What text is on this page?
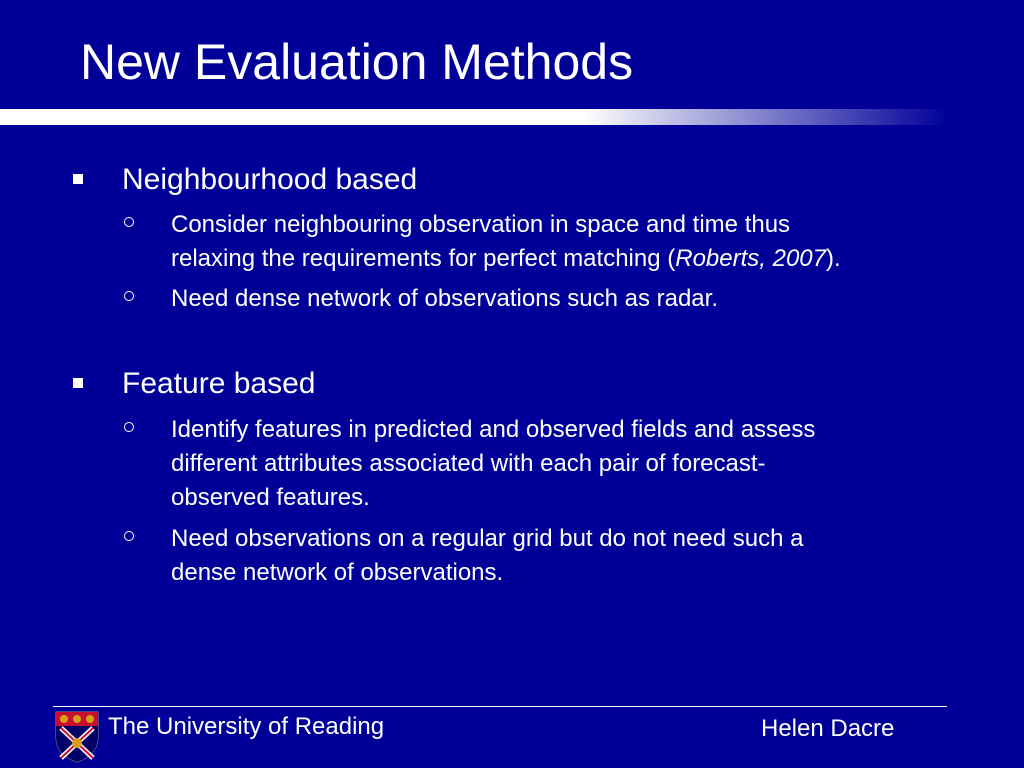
New Evaluation Methods
Neighbourhood based
Consider neighbouring observation in space and time thus
relaxing the requirements for perfect matching (Roberts, 2007).
Need dense network of observations such as radar.
Feature based
Identify features in predicted and observed fields and assess
different attributes associated with each pair of forecast-
observed features.
Need observations on a regular grid but do not need such a
dense network of observations.
The University of Reading	Helen Dacre
